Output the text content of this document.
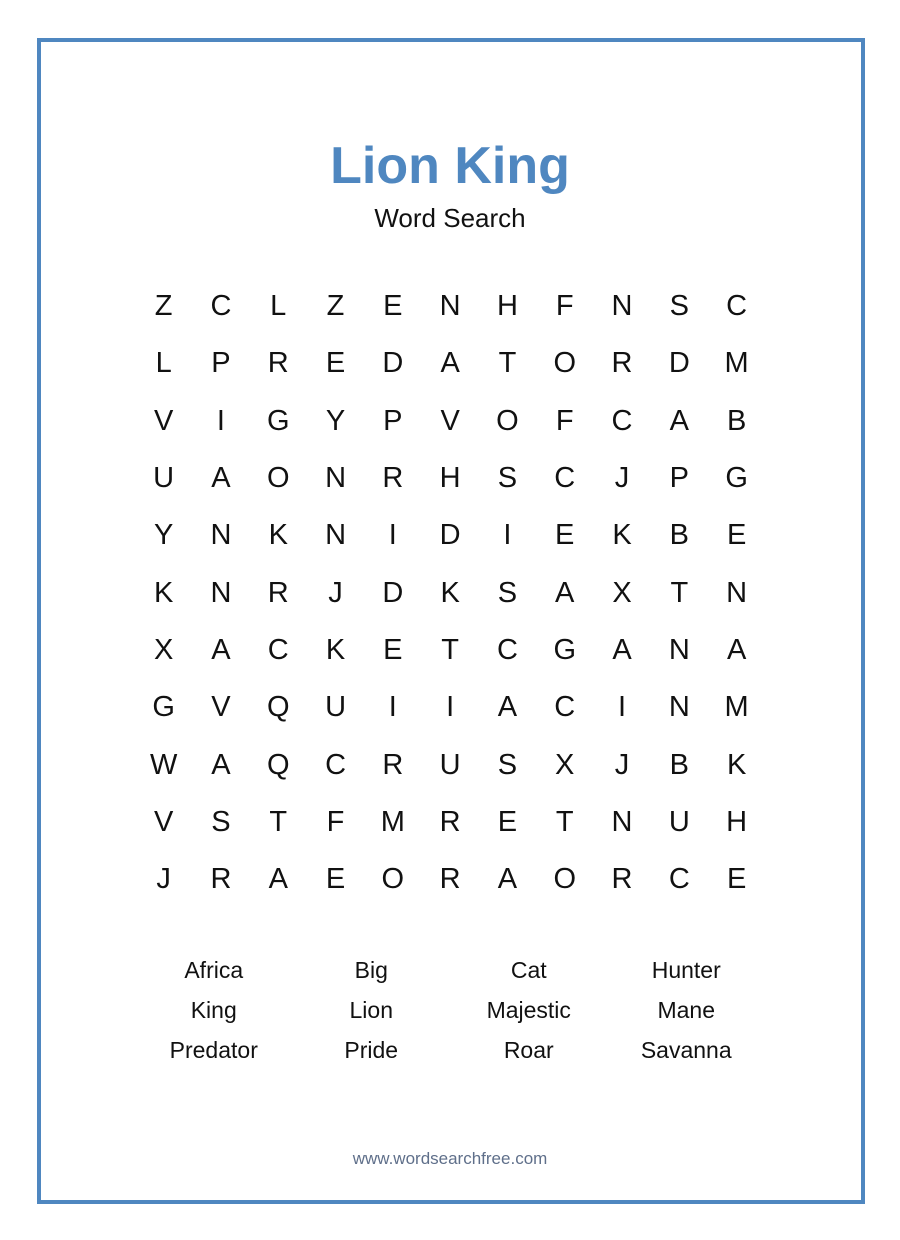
Lion King
Word Search
Z	C	L	Z	E	N	H	F	N	S	C
L	P	R	E	D	A	T	O	R	D	M
V	I	G	Y	P	V	O	F	C	A	B
U	A	O	N	R	H	S	C	J	P	G
Y	N	K	N	I	D	I	E	K	B	E
K	N	R	J	D	K	S	A	X	T	N
X	A	C	K	E	T	C	G	A	N	A
G	V	Q	U	I	I	A	C	I	N	M
W	A	Q	C	R	U	S	X	J	B	K
V	S	T	F	M	R	E	T	N	U	H
J	R	A	E	O	R	A	O	R	C	E
Africa	Big	Cat	Hunter
King	Lion	Majestic	Mane
Predator	Pride	Roar	Savanna
www.wordsearchfree.com
